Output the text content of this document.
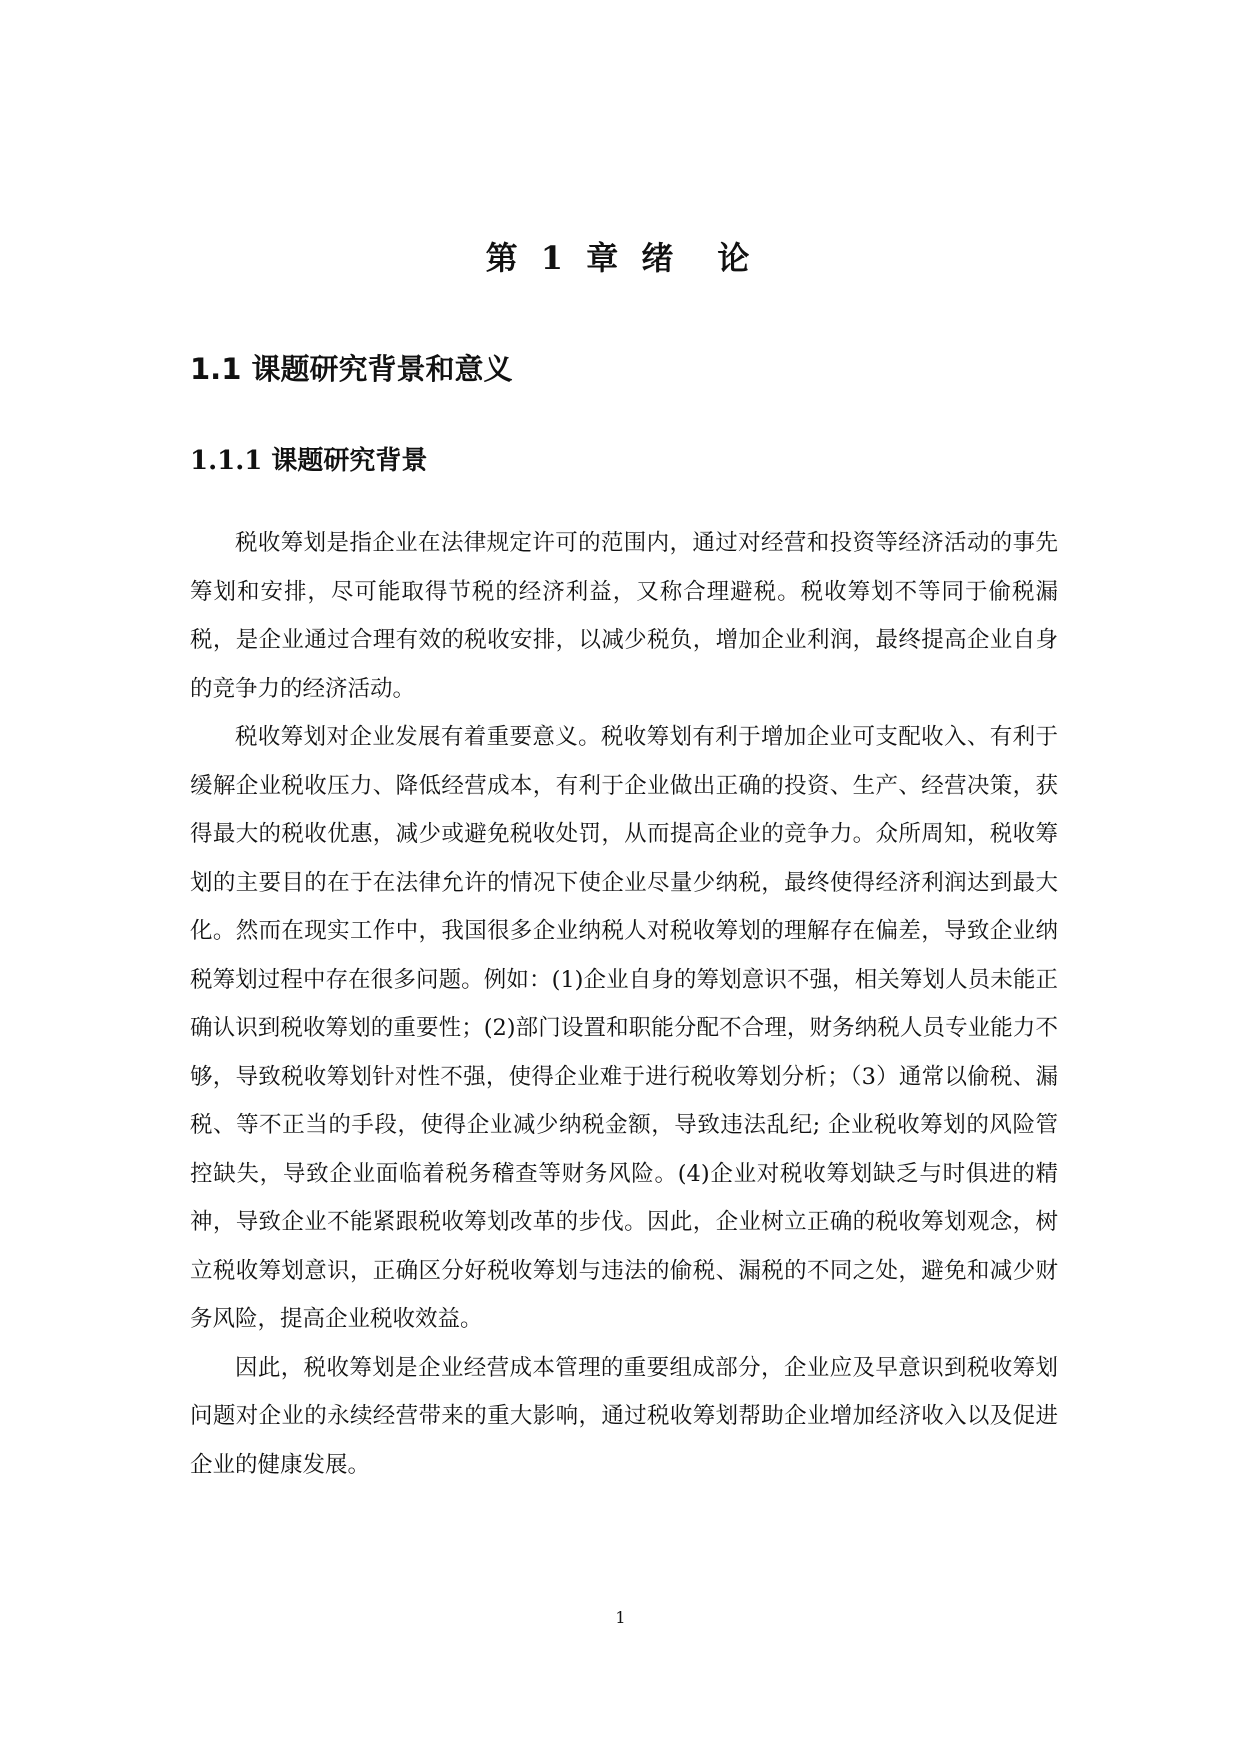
第 1 章 绪　论
1.1 课题研究背景和意义
1.1.1 课题研究背景

税收筹划是指企业在法律规定许可的范围内，通过对经营和投资等经济活动的事先筹划和安排，尽可能取得节税的经济利益，又称合理避税。税收筹划不等同于偷税漏税，是企业通过合理有效的税收安排，以减少税负，增加企业利润，最终提高企业自身的竞争力的经济活动。

税收筹划对企业发展有着重要意义。税收筹划有利于增加企业可支配收入、有利于缓解企业税收压力、降低经营成本，有利于企业做出正确的投资、生产、经营决策，获得最大的税收优惠，减少或避免税收处罚，从而提高企业的竞争力。众所周知，税收筹划的主要目的在于在法律允许的情况下使企业尽量少纳税，最终使得经济利润达到最大化。然而在现实工作中，我国很多企业纳税人对税收筹划的理解存在偏差，导致企业纳税筹划过程中存在很多问题。例如：(1)企业自身的筹划意识不强，相关筹划人员未能正确认识到税收筹划的重要性；(2)部门设置和职能分配不合理，财务纳税人员专业能力不够，导致税收筹划针对性不强，使得企业难于进行税收筹划分析；（3）通常以偷税、漏税、等不正当的手段，使得企业减少纳税金额，导致违法乱纪; 企业税收筹划的风险管控缺失，导致企业面临着税务稽查等财务风险。(4)企业对税收筹划缺乏与时俱进的精神，导致企业不能紧跟税收筹划改革的步伐。因此，企业树立正确的税收筹划观念，树立税收筹划意识，正确区分好税收筹划与违法的偷税、漏税的不同之处，避免和减少财务风险，提高企业税收效益。

因此，税收筹划是企业经营成本管理的重要组成部分，企业应及早意识到税收筹划问题对企业的永续经营带来的重大影响，通过税收筹划帮助企业增加经济收入以及促进企业的健康发展。

1
